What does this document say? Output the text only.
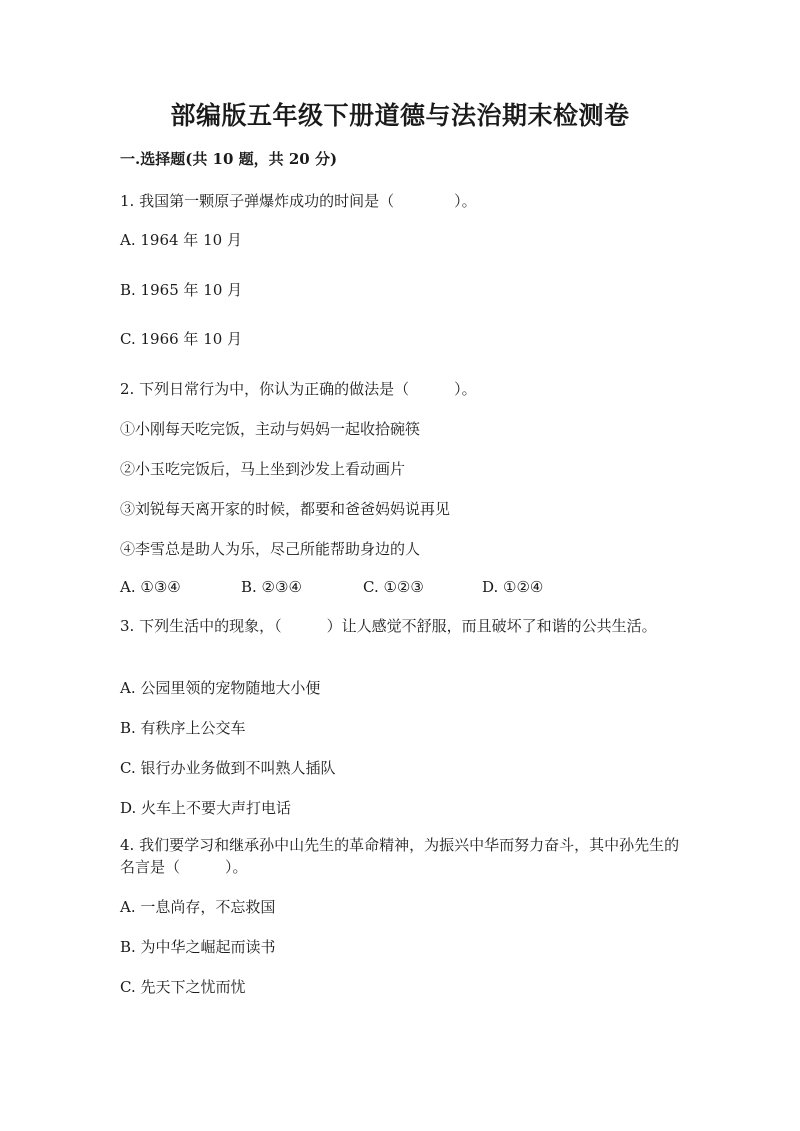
部编版五年级下册道德与法治期末检测卷
一.选择题(共 10 题，共 20 分)
1. 我国第一颗原子弹爆炸成功的时间是（　　　　）。
A. 1964 年 10 月
B. 1965 年 10 月
C. 1966 年 10 月
2. 下列日常行为中，你认为正确的做法是（　　　）。
①小刚每天吃完饭，主动与妈妈一起收拾碗筷
②小玉吃完饭后，马上坐到沙发上看动画片
③刘锐每天离开家的时候，都要和爸爸妈妈说再见
④李雪总是助人为乐，尽己所能帮助身边的人
A. ①③④	B. ②③④	C. ①②③	D. ①②④
3. 下列生活中的现象，（　　　）让人感觉不舒服，而且破坏了和谐的公共生活。
A. 公园里领的宠物随地大小便
B. 有秩序上公交车
C. 银行办业务做到不叫熟人插队
D. 火车上不要大声打电话
4. 我们要学习和继承孙中山先生的革命精神，为振兴中华而努力奋斗，其中孙先生的名言是（　　　）。
A. 一息尚存，不忘救国
B. 为中华之崛起而读书
C. 先天下之忧而忧
